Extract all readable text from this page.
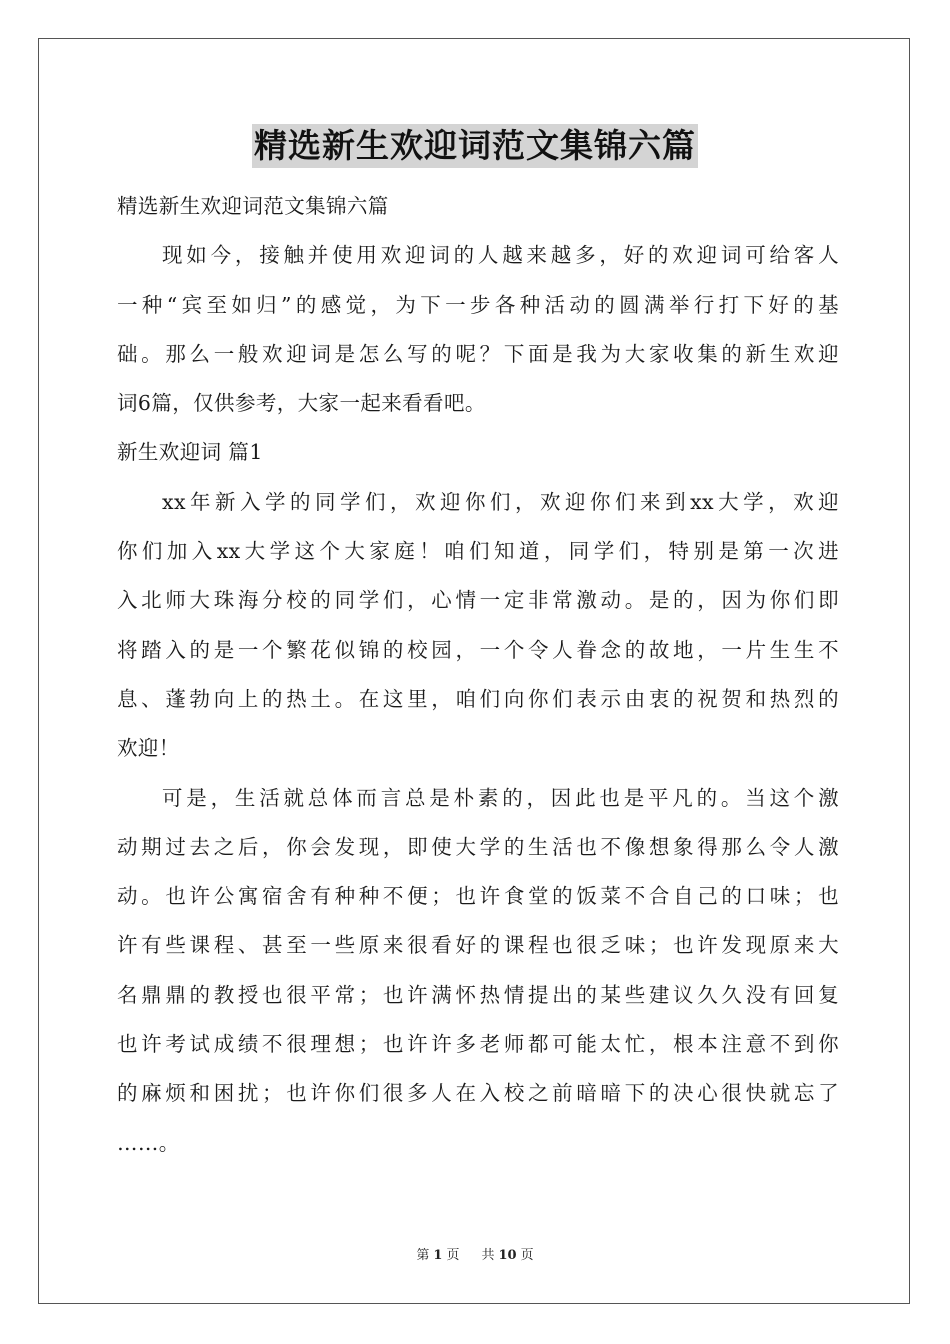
精选新生欢迎词范文集锦六篇
精选新生欢迎词范文集锦六篇
现如今，接触并使用欢迎词的人越来越多，好的欢迎词可给客人
一种“宾至如归”的感觉，为下一步各种活动的圆满举行打下好的基
础。那么一般欢迎词是怎么写的呢？下面是我为大家收集的新生欢迎
词6篇，仅供参考，大家一起来看看吧。
新生欢迎词 篇1
xx年新入学的同学们，欢迎你们，欢迎你们来到xx大学，欢迎
你们加入xx大学这个大家庭！咱们知道，同学们，特别是第一次进
入北师大珠海分校的同学们，心情一定非常激动。是的，因为你们即
将踏入的是一个繁花似锦的校园，一个令人眷念的故地，一片生生不
息、蓬勃向上的热土。在这里，咱们向你们表示由衷的祝贺和热烈的
欢迎！
可是，生活就总体而言总是朴素的，因此也是平凡的。当这个激
动期过去之后，你会发现，即使大学的生活也不像想象得那么令人激
动。也许公寓宿舍有种种不便；也许食堂的饭菜不合自己的口味；也
许有些课程、甚至一些原来很看好的课程也很乏味；也许发现原来大
名鼎鼎的教授也很平常；也许满怀热情提出的某些建议久久没有回复
也许考试成绩不很理想；也许许多老师都可能太忙，根本注意不到你
的麻烦和困扰；也许你们很多人在入校之前暗暗下的决心很快就忘了
……。
第 1 页 共 10 页
